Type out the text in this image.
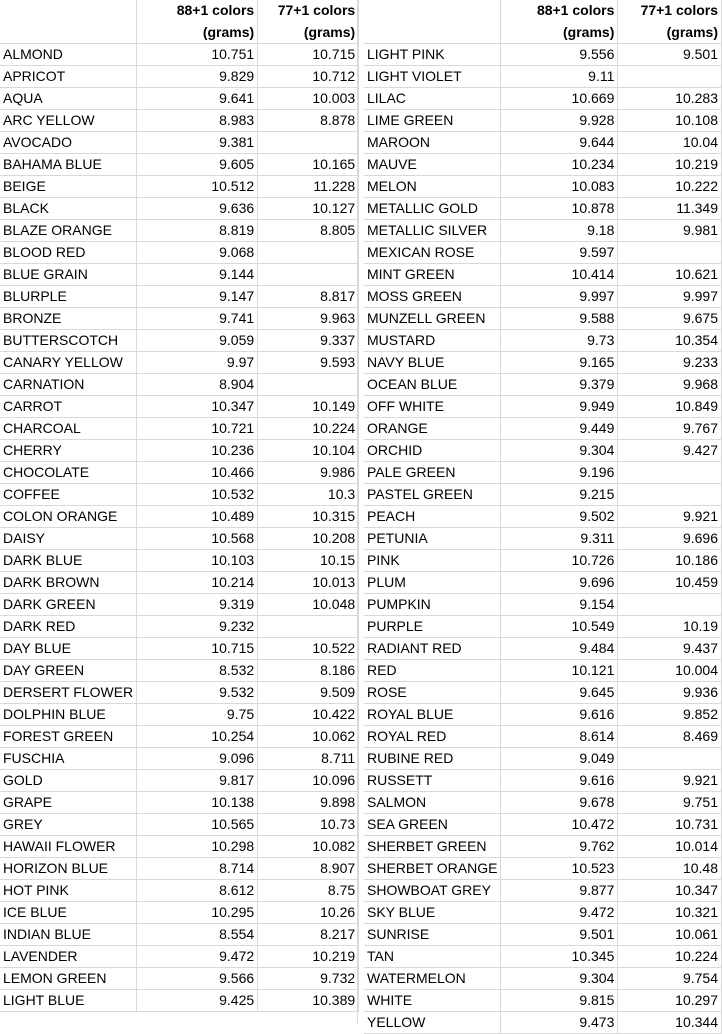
	88+1 colors	77+1 colors
	(grams)	(grams)
ALMOND	10.751	10.715
APRICOT	9.829	10.712
AQUA	9.641	10.003
ARC YELLOW	8.983	8.878
AVOCADO	9.381	
BAHAMA BLUE	9.605	10.165
BEIGE	10.512	11.228
BLACK	9.636	10.127
BLAZE ORANGE	8.819	8.805
BLOOD RED	9.068	
BLUE GRAIN	9.144	
BLURPLE	9.147	8.817
BRONZE	9.741	9.963
BUTTERSCOTCH	9.059	9.337
CANARY YELLOW	9.97	9.593
CARNATION	8.904	
CARROT	10.347	10.149
CHARCOAL	10.721	10.224
CHERRY	10.236	10.104
CHOCOLATE	10.466	9.986
COFFEE	10.532	10.3
COLON ORANGE	10.489	10.315
DAISY	10.568	10.208
DARK BLUE	10.103	10.15
DARK BROWN	10.214	10.013
DARK GREEN	9.319	10.048
DARK RED	9.232	
DAY BLUE	10.715	10.522
DAY GREEN	8.532	8.186
DERSERT FLOWER	9.532	9.509
DOLPHIN BLUE	9.75	10.422
FOREST GREEN	10.254	10.062
FUSCHIA	9.096	8.711
GOLD	9.817	10.096
GRAPE	10.138	9.898
GREY	10.565	10.73
HAWAII FLOWER	10.298	10.082
HORIZON BLUE	8.714	8.907
HOT PINK	8.612	8.75
ICE BLUE	10.295	10.26
INDIAN BLUE	8.554	8.217
LAVENDER	9.472	10.219
LEMON GREEN	9.566	9.732
LIGHT BLUE	9.425	10.389
	88+1 colors	77+1 colors
	(grams)	(grams)
LIGHT PINK	9.556	9.501
LIGHT VIOLET	9.11	
LILAC	10.669	10.283
LIME GREEN	9.928	10.108
MAROON	9.644	10.04
MAUVE	10.234	10.219
MELON	10.083	10.222
METALLIC GOLD	10.878	11.349
METALLIC SILVER	9.18	9.981
MEXICAN ROSE	9.597	
MINT GREEN	10.414	10.621
MOSS GREEN	9.997	9.997
MUNZELL GREEN	9.588	9.675
MUSTARD	9.73	10.354
NAVY BLUE	9.165	9.233
OCEAN BLUE	9.379	9.968
OFF WHITE	9.949	10.849
ORANGE	9.449	9.767
ORCHID	9.304	9.427
PALE GREEN	9.196	
PASTEL GREEN	9.215	
PEACH	9.502	9.921
PETUNIA	9.311	9.696
PINK	10.726	10.186
PLUM	9.696	10.459
PUMPKIN	9.154	
PURPLE	10.549	10.19
RADIANT RED	9.484	9.437
RED	10.121	10.004
ROSE	9.645	9.936
ROYAL BLUE	9.616	9.852
ROYAL RED	8.614	8.469
RUBINE RED	9.049	
RUSSETT	9.616	9.921
SALMON	9.678	9.751
SEA GREEN	10.472	10.731
SHERBET GREEN	9.762	10.014
SHERBET ORANGE	10.523	10.48
SHOWBOAT GREY	9.877	10.347
SKY BLUE	9.472	10.321
SUNRISE	9.501	10.061
TAN	10.345	10.224
WATERMELON	9.304	9.754
WHITE	9.815	10.297
YELLOW	9.473	10.344
